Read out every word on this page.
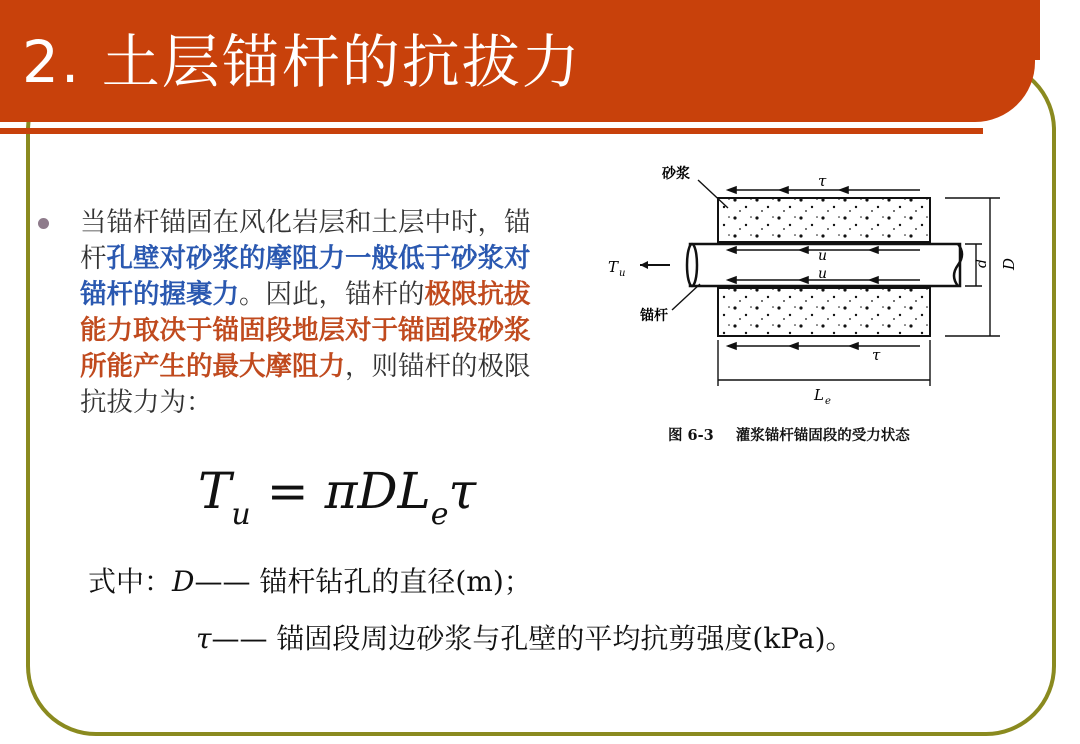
2. 土层锚杆的抗拔力
当锚杆锚固在风化岩层和土层中时，锚杆孔壁对砂浆的摩阻力一般低于砂浆对锚杆的握裹力。因此，锚杆的极限抗拔能力取决于锚固段地层对于锚固段砂浆所能产生的最大摩阻力，则锚杆的极限抗拔力为：
$T_u = \pi DL_e\tau$
式中：D—— 锚杆钻孔的直径(m)；
τ—— 锚固段周边砂浆与孔壁的平均抗剪强度(kPa)。
砂浆
锚杆
T u
τ
τ
u
u
d D
L e
图 6-3 灌浆锚杆锚固段的受力状态
